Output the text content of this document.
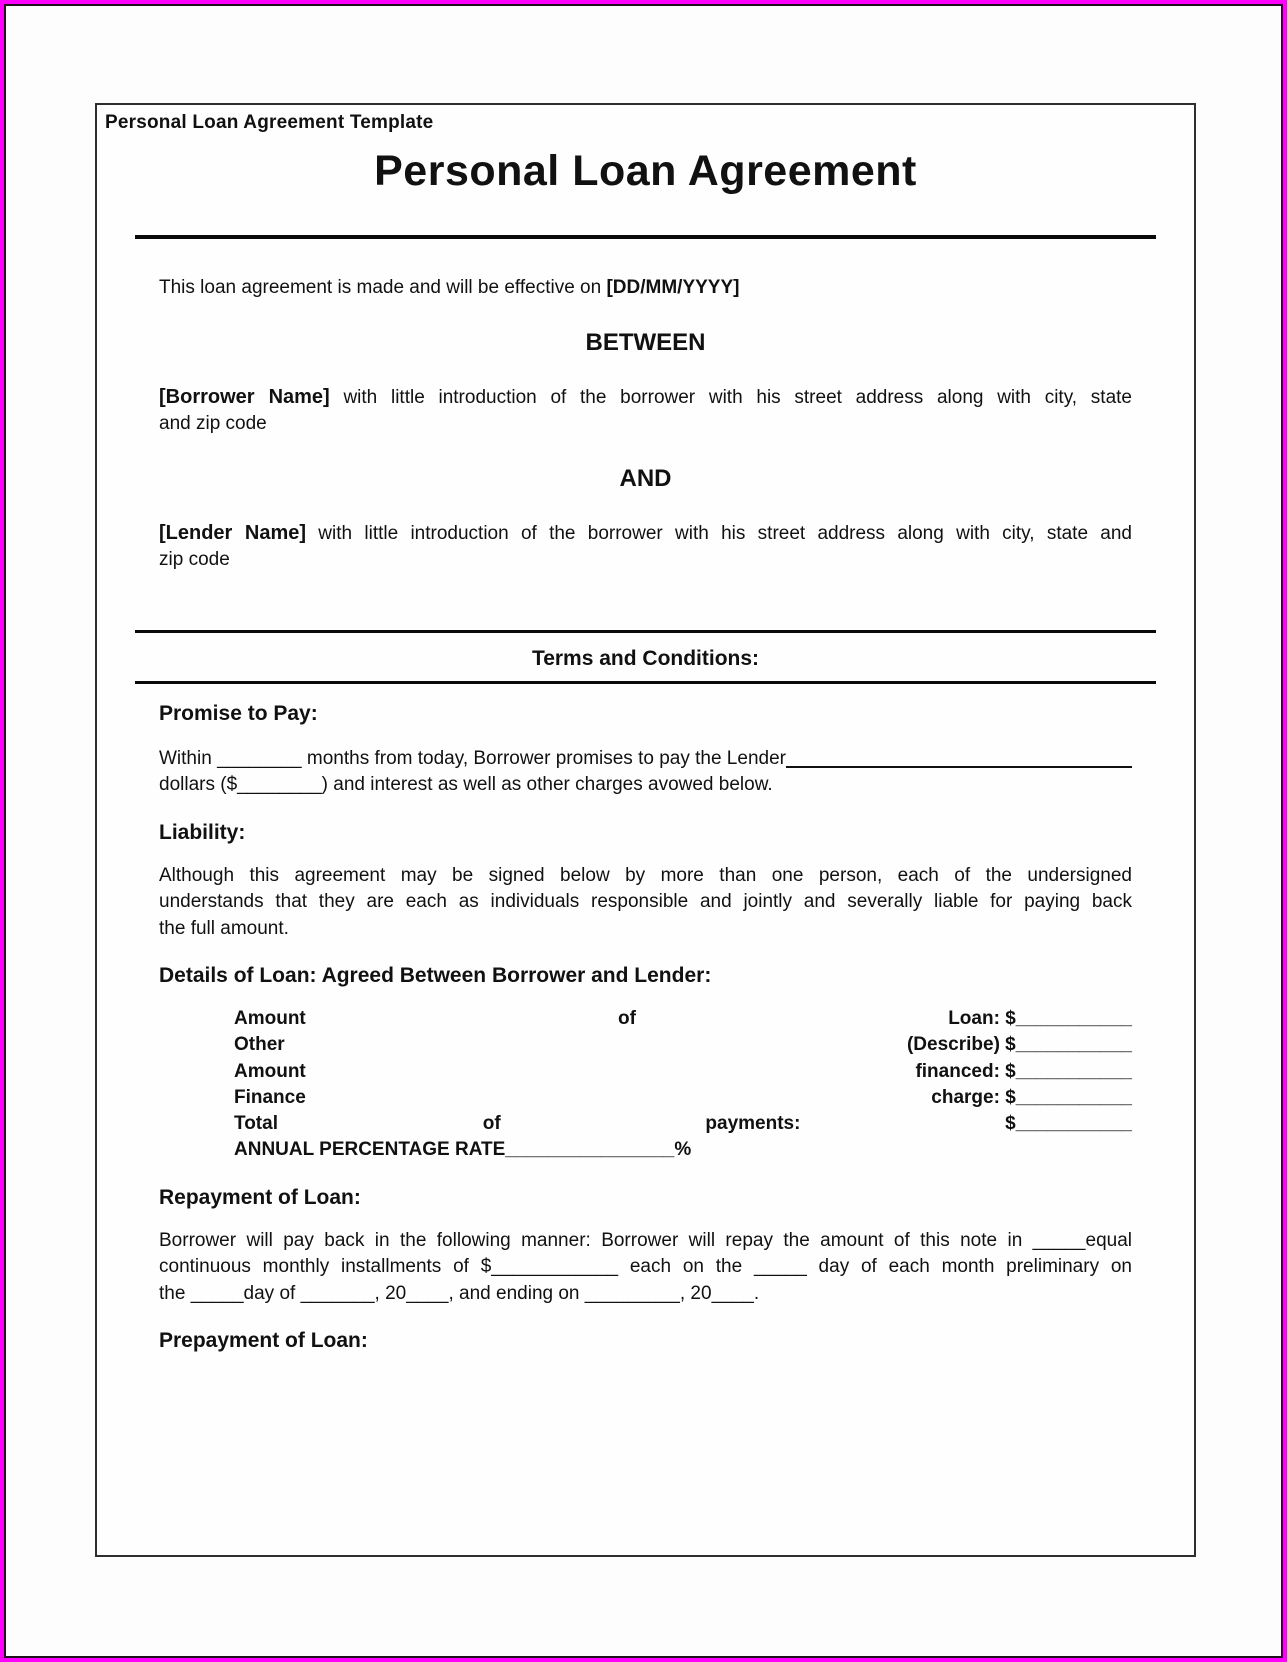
Personal Loan Agreement Template
Personal Loan Agreement

This loan agreement is made and will be effective on [DD/MM/YYYY]

BETWEEN
[Borrower Name] with little introduction of the borrower with his street address along with city, state
and zip code
AND
[Lender Name] with little introduction of the borrower with his street address along with city, state and
zip code
Terms and Conditions:
Promise to Pay:
Within ________ months from today, Borrower promises to pay the Lender
dollars ($________) and interest as well as other charges avowed below.
Liability:
Although this agreement may be signed below by more than one person, each of the undersigned
understands that they are each as individuals responsible and jointly and severally liable for paying back
the full amount.
Details of Loan: Agreed Between Borrower and Lender:
Amount	of	Loan: $___________
Other	(Describe) $___________
Amount	financed: $___________
Finance	charge: $___________
Total	of	payments:	$___________
ANNUAL PERCENTAGE RATE________________%
Repayment of Loan:
Borrower will pay back in the following manner: Borrower will repay the amount of this note in _____equal
continuous monthly installments of $____________ each on the _____ day of each month preliminary on
the _____day of _______, 20____, and ending on _________, 20____.
Prepayment of Loan:
